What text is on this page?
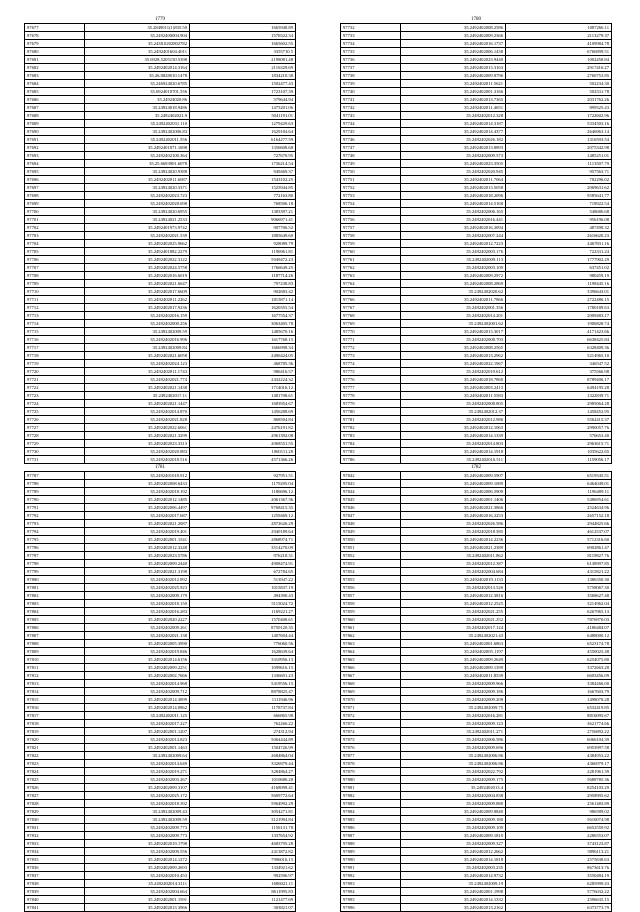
1779
97677	35.2849011(1)835.50	1665948.89
97678	35.2492400004.904	1576522.34
97679	35.2438.0202802782	1665602.55
97680	35.2492401604.4011	3355710.5
97681	35.6928.5205150.5398	2198081.48
97682	35.2492402014.3164	2116329.69
97683	35.26.0828010.1478	1834210.38
97684	35.246924020.6785	1502477.43
97685	35.6924010701.556	1723107.39
97686	35.24924020.86	579644.94
97687	35.24924018.9486	1475201.06
97688	35.2492402021.9	5041191.01
97689	35.2492402031.110	1279429.63
97690	35.2492402006.83	1629184.64
97691	35.2492402011.556	6164277.59
97692	35.2492401871.1698	1356608.68
97693	35.2492402100.364	727670.95
97694	35.25.6693901.6078	1736214.54
97695	35.24924020.9388	949469.37
97696	35.2492402011.6087	1543102.25
97697	35.24924020.3371	1525944.85
97698	35.2492402023.723	772163.80
97699	35.2492402028.698	768506.18
97700	35.24924020.6955	1383397.21
97701	35.24924021.2533	9066971.41
97702	35.2492401973.9742	907706.52
97703	35.2492402021.539	1885649.60
97704	35.2492402025.9662	928089.79
97705	35.2492401882.2279	1196961.81
97706	35.2492402022.3122	5949472.23
97707	35.2492402024.5758	1766649.25
97708	35.2492402016.6019	1187714.26
97709	35.2492402021.6647	797238.83
97710	35.2492402017.6609	902683.42
97711	35.2492402011.2262	1815871.14
97712	35.2492402017.9236	1620355.54
97713	35.2492402016.159	1677554.37
97714	35.2492402000.256	3063405.78
97715	35.2492402009.59	1485670.16
97716	35.2492402016.996	1617768.15
97717	35.2492402009.84	1666998.34
97718	35.2492402021.6058	2496424.05
97719	35.2492402024.123	468785.36
97720	35.2492402011.1743	986416.57
97721	35.2492402021.774	2432224.32
97722	35.2492402021.1438	1714016.12
97723	35.2492402017.11	1481708.61
97724	35.2492402021.1447	1683954.67
97725	35.2492402014.870	1456288.69
97726	35.2492402021.828	868504.84
97727	35.2492402022.6061	2476191.82
97728	35.2492402021.3299	2961392.08
97729	35.2492402023.3313	2068551.55
97730	35.2492402020.883	1060111.28
97731	35.2492402018.516	4571366.26
1780
97732	35.2492402008.2586	1087266.11
97733	35.2492402009.2366	2113279.37
97734	35.2492402016.1737	4109984.78
97735	35.2492402006.1438	6766899.51
97736	35.2492402023.9440	1002458.84
97737	35.2492402013.3163	2917416.27
97738	35.2492402009.8796	2760753.85
97739	35.2492402011.5621	502234.30
97740	35.2492402001.3166	502531.78
97741	35.2492402013.7365	2031762.26
97742	35.2492402011.4651	899525.43
97743	35.2492402012.328	1722602.96
97744	35.2492402014.3187	5334503.16
97745	35.2492402014.4377	2646963.14
97746	35.2492402026.182	1316593.54
97747	35.2492402013.8893	2075342.98
97748	35.2492402009.573	1485251.01
97749	35.2492402023.3505	1113507.79
97750	35.2492402020.945	957563.71
97751	35.2492402011.7064	782296.02
97752	35.2492402013.5058	2069631.62
97753	35.2492402018.2096	9585641.77
97754	35.2492402014.5168	718922.54
97755	35.2492402006.165	548686.68
97756	35.2492402016.441	956196.08
97757	35.2492402016.2094	487498.32
97758	35.2492402007.244	2616620.23
97759	35.2492402012.7223	2467831.16
97760	35.2492402003.176	722331.24
97761	35.2492402009.113	1777902.29
97762	35.2492402003.109	637451.02
97763	35.2492402009.2972	980459.19
97764	35.2492402008.2869	1198445.16
97765	35.2492402020.62	3396643.01
97766	35.2492402011.7866	2722486.15
97767	35.2492402001.356	1780189.63
97768	35.2492402014.201	2009483.17
97769	35.2492402001.62	1906828.74
97770	35.2492402013.3017	4171423.66
97771	35.2492402008.703	6638425.84
97772	35.2492402008.2565	6328409.36
97773	35.2492402013.2962	5214965.10
97774	35.2492402022.1967	346547.52
97775	35.2492402019.612	375566.98
97776	35.2492402018.7860	8789406.17
97777	35.2492402003.2413	6494195.28
97778	35.2492402011.5583	1322839.71
97779	35.2492402008.805	2985064.28
97780	35.2492402012.37	1458452.95
97781	35.2492402012.986	5562415.37
97782	35.2492402012.1063	2990057.76
97783	35.2492402014.1339	576653.40
97784	35.2492402014.803	2963615.71
97785	35.2492402014.1918	1035622.65
97786	35.2492402016.511	1159056.17
1781
97787	35.2492401018.912	927951.51
97788	35.2492402008.6433	1179295.04
97789	35.2492402018.192	1186696.12
97790	35.2492402012.1485	2061367.36
97791	35.2492402006.4497	9768415.35
97792	35.2492402017.687	1259469.12
97793	35.2492402021.2087	2872626.29
97794	35.2492402019.401	2940189.64
97795	35.2492402001.1541	2868974.71
97796	35.2492402012.3248	3514270.09
97797	35.2492402023.5786	976210.31
97798	35.2492402009.2440	4908474.91
97799	35.2492402021.3198	672784.65
97800	35.2492402012.892	513947.22
97801	35.2492402025.923	1015837.19
97802	35.2492402009.179	494390.43
97803	35.2492402018.150	5115024.72
97804	35.2492402016.283	1169221.27
97805	35.2492402020.2227	1570408.61
97806	35.2492402009.261	8750120.35
97807	35.2492402021.138	1407694.44
97808	35.2492402005.3990	776060.56
97809	35.2492402019.846	1628639.64
97810	35.2492402014.6156	3310956.13
97811	35.2492402009.2251	1099616.15
97812	35.2492402002.7666	1336691.23
97813	35.2492402014.968	5419556.15
97814	35.2492402009.712	8878825.47
97815	35.2492402014.3899	1111946.96
97816	35.2492402014.0862	1178737.84
97817	35.2492402011.125	666865.98
97818	35.2492402017.227	762266.22
97819	35.2492402001.1207	274312.94
97820	35.2492402014.823	5064444.89
97821	35.2492402001.1463	1504726.99
97822	35.2492402009.64	2684864.04
97823	35.2492402014.649	3326979.44
97824	35.2492402019.271	3284864.27
97825	35.2492402003.267	1010680.20
97826	35.2492402009.3107	4168098.41
97827	35.2492402025.172	5609772.64
97828	35.2492402018.392	5964992.29
97829	35.2492402009.43	3054271.81
97830	35.2492402009.59	3121994.84
97831	35.2492402009.773	1156131.78
97832	35.2492402009.773	1337654.92
97833	35.2492402019.1798	4683795.28
97834	35.2492402009.556	2413872.82
97835	35.2492402014.1272	7996016.15
97836	35.2492402009.2693	1334921.62
97837	35.2492402010.453	992506.97
97838	35.2492402014.3111	1686021.11
97839	35.2492402004.664	8611995.83
97840	35.2492402001.1591	1121477.69
97841	35.2492402013.3966	303821.07
1782
97842	35.2492402009.5907	6519545.51
97843	35.2492402009.1089	6464049.01
97844	35.2492402006.5909	1196409.11
97845	35.2492402001.1406	5486954.61
97846	35.2492402021.3866	2524634.96
97847	35.2492402016.2253	2657152.18
97848	35.2492402026.586	2944825.66
97849	35.2492402018.585	4612537.07
97850	35.2492402014.2236	5712316.60
97851	35.2492402021.2389	6902861.47
97852	35.2492402011.862	8119827.76
97853	35.2492402012.387	6138997.85
97854	35.2492402004.684	4315821.22
97855	35.2492402019.1133	1386350.30
97856	35.2492402013.526	5758067.30
97857	35.2492402012.3816	3568627.48
97858	35.2492402012.2525	3214962.04
97859	35.2492402021.255	6267965.13
97860	35.2492402021.252	7876970.03
97861	35.2492402017.124	4186484.07
97862	35.2492402021.43	6488000.12
97863	35.2492402001.6863	6523174.78
97864	35.2492402005.1197	4550025.48
97865	35.2492402009.2649	6254075.80
97866	35.2492402009.1399	3372663.28
97867	35.2492402011.8539	6603456.09
97868	35.2492402009.966	3384266.00
97869	35.2492402009.186	1667603.79
97870	35.2492402009.208	1498078.28
97871	35.2492402009.75	6532419.85
97872	35.2492402016.281	8816095.67
97873	35.2492402009.123	3621774.66
97874	35.2492402011.271	2756892.22
97875	35.2492402006.586	6066104.39
97876	35.2492402009.696	6953997.58
97877	35.2492402006.86	4384953.22
97878	35.2492402006.86	4366979.17
97879	35.2492402022.792	2281961.39
97880	35.2492402009.175	5688785.36
97881	35.2492402013.4	8254103.29
97882	35.2492402004.838	2958995.62
97883	35.2492402009.880	2561483.89
97884	35.2492402009.8840	986589.02
97885	35.2492402009.180	5616074.98
97886	35.2492402009.109	6652559.92
97887	35.2492402009.1810	2286553.07
97888	35.2492402009.327	3743123.87
97889	35.2492402012.2662	5896113.21
97890	35.2492402014.1818	2575638.63
97891	35.2492402003.235	8673613.76
97892	35.2492402014.9732	3550484.19
97893	35.2492402009.19	6285999.43
97894	35.2492402001.1998	5776032.22
97895	35.2492402014.1332	2596635.15
97896	35.2492402013.2162	6373773.79
